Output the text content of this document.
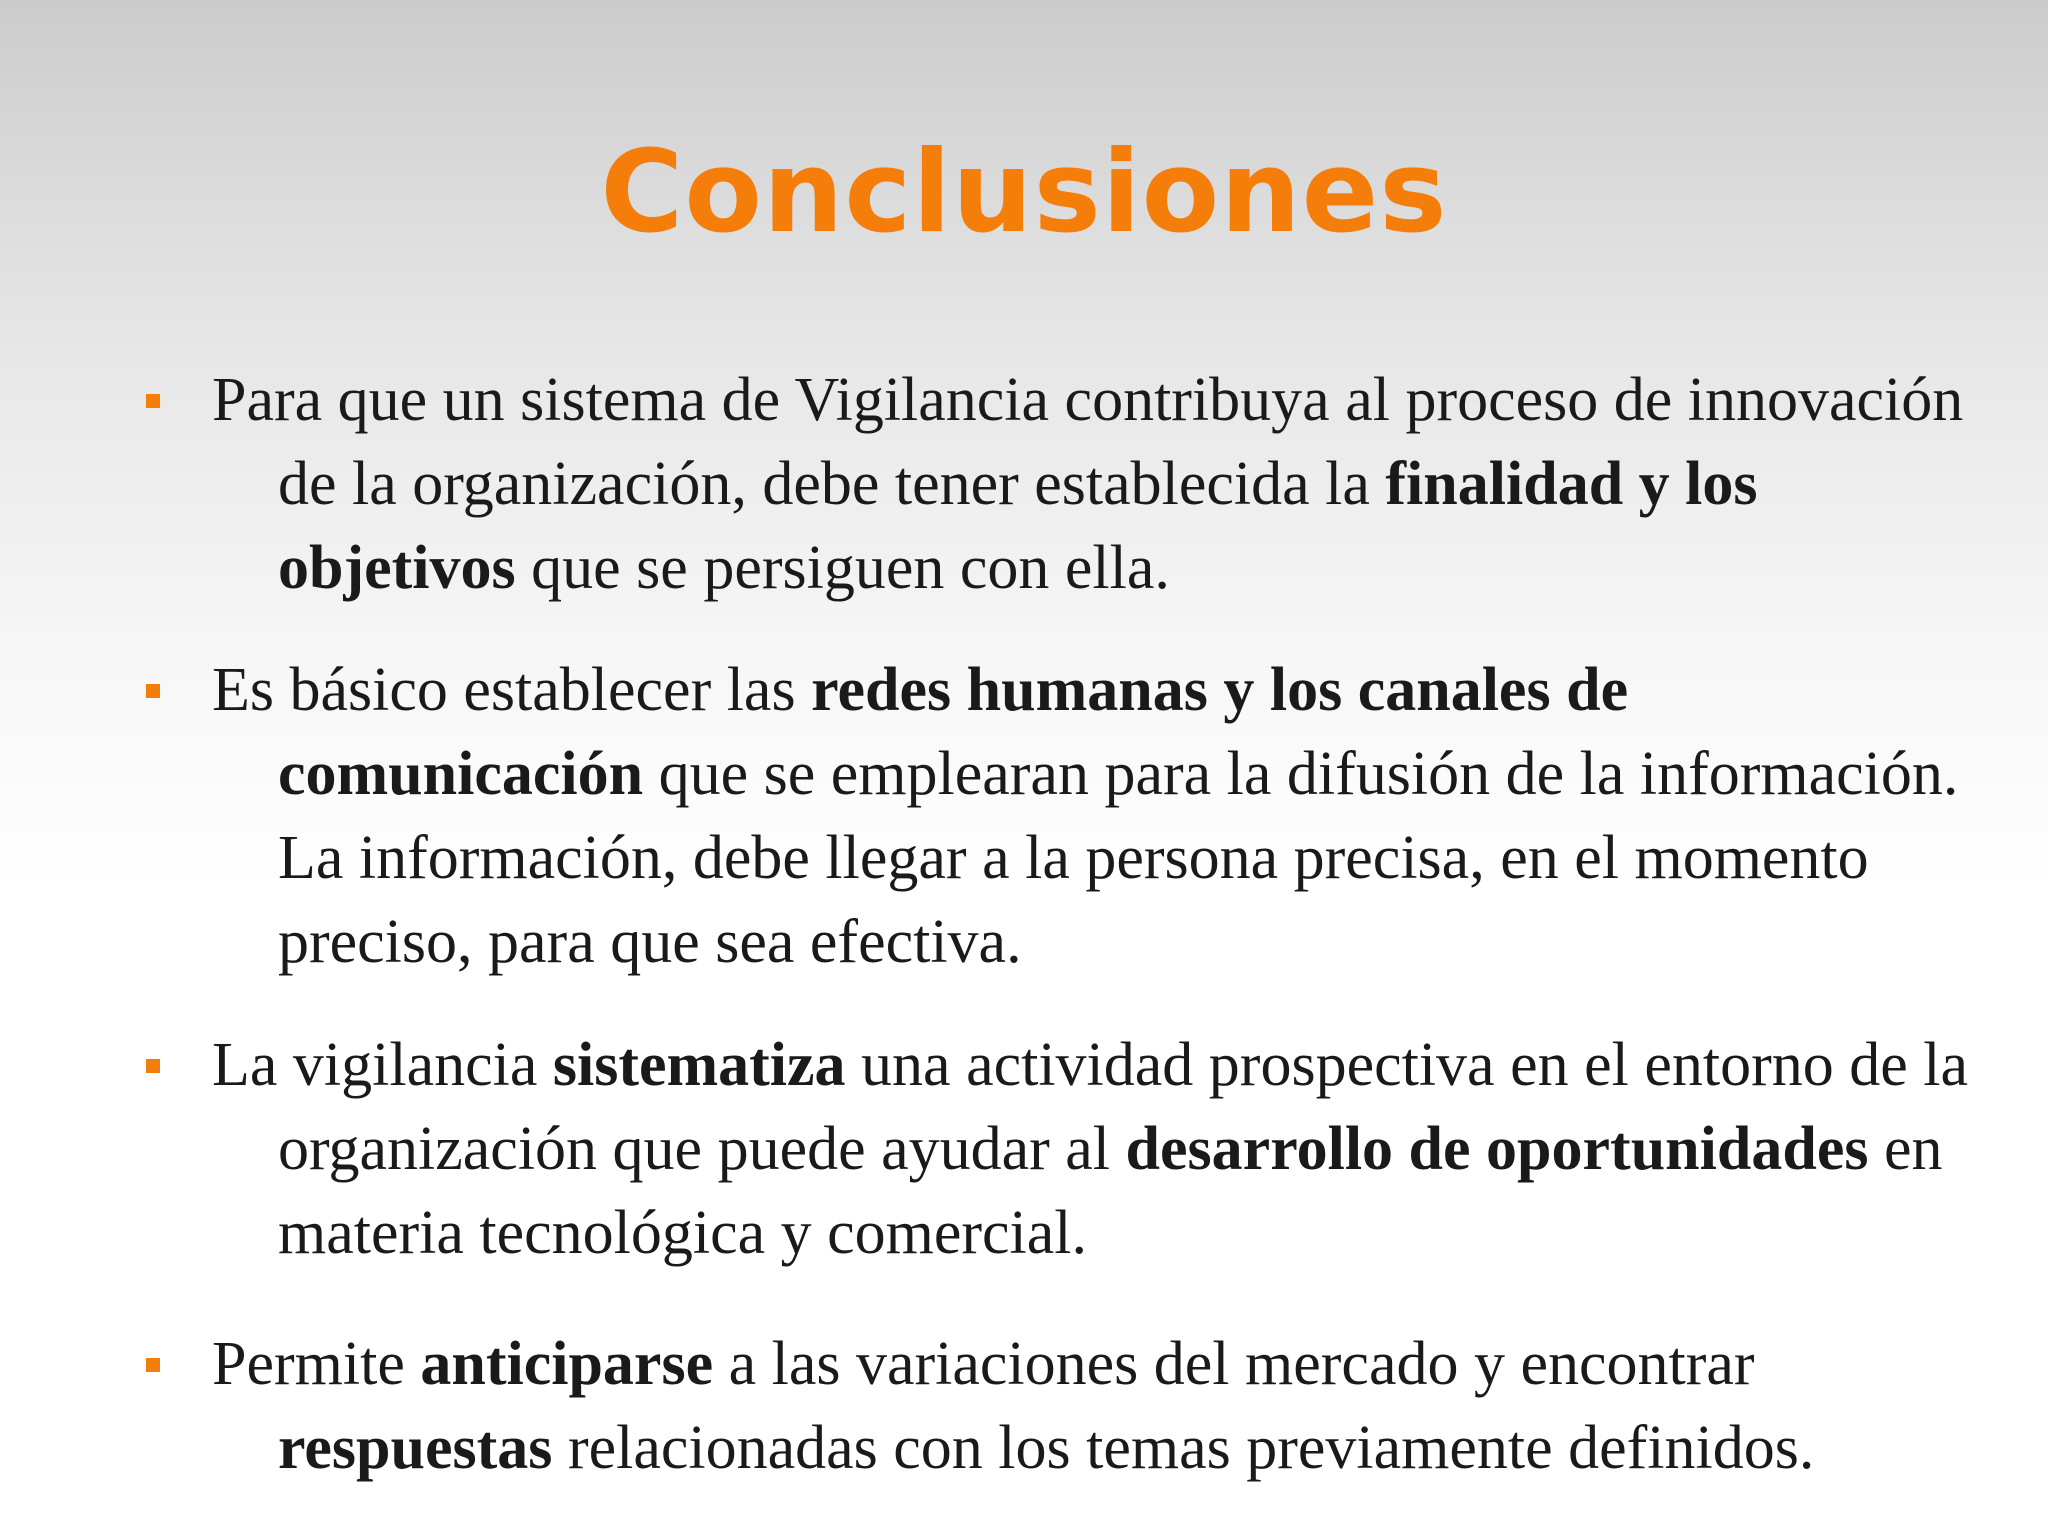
Conclusiones
Para que un sistema de Vigilancia contribuya al proceso de innovación de la organización, debe tener establecida la finalidad y los objetivos que se persiguen con ella.
Es básico establecer las redes humanas y los canales de comunicación que se emplearan para la difusión de la información. La información, debe llegar a la persona precisa, en el momento preciso, para que sea efectiva.
La vigilancia sistematiza una actividad prospectiva en el entorno de la organización que puede ayudar al desarrollo de oportunidades en materia tecnológica y comercial.
Permite anticiparse a las variaciones del mercado y encontrar respuestas relacionadas con los temas previamente definidos.
